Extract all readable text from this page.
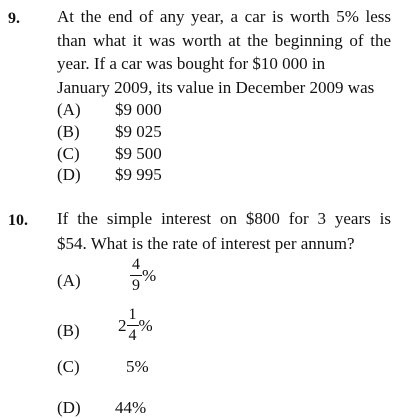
9. At the end of any year, a car is worth 5% less
than what it was worth at the beginning of the
year. If a car was bought for $10 000 in
January 2009, its value in December 2009 was
(A) $9 000
(B) $9 025
(C) $9 500
(D) $9 995
10. If the simple interest on $800 for 3 years is
$54. What is the rate of interest per annum?
(A)	$\frac{4}{9}$ %
(B) $2 \frac{1}{4}$ %
(C)	5%
(D) 44%
